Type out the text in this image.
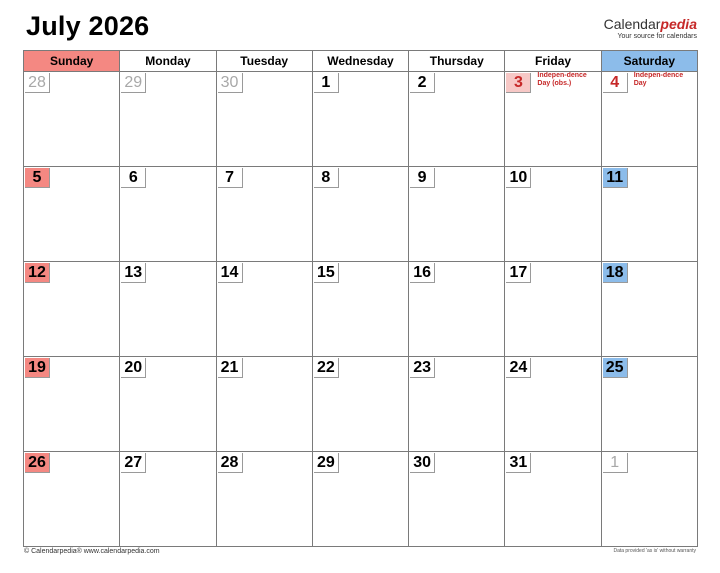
July 2026	Calendarpedia
Your source for calendars
Sunday	Monday	Tuesday	Wednesday	Thursday	Friday	Saturday

28	29	30	1	2	3 Indepen-dence Day (obs.)	4 Indepen-dence Day

5	6	7	8	9	10	11

12	13	14	15	16	17	18

19	20	21	22	23	24	25

26	27	28	29	30	31	1
© Calendarpedia® www.calendarpedia.com	Data provided 'as is' without warranty
